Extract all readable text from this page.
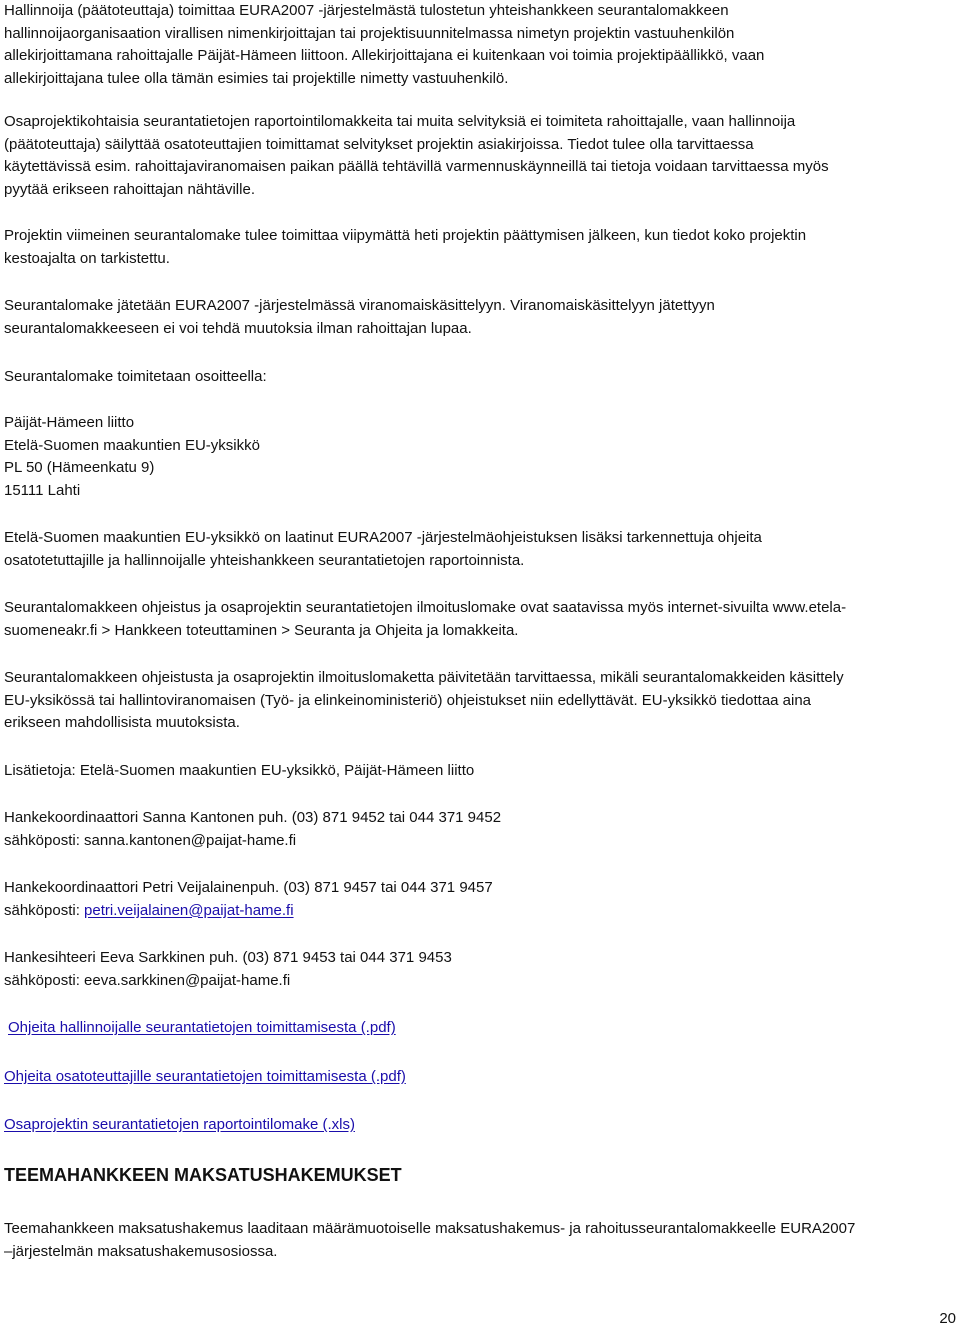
Hallinnoija (päätoteuttaja) toimittaa EURA2007 -järjestelmästä tulostetun yhteishankkeen seurantalomakkeen
hallinnoijaorganisaation virallisen nimenkirjoittajan tai projektisuunnitelmassa nimetyn projektin vastuuhenkilön
allekirjoittamana rahoittajalle Päijät-Hämeen liittoon. Allekirjoittajana ei kuitenkaan voi toimia projektipäällikkö, vaan
allekirjoittajana tulee olla tämän esimies tai projektille nimetty vastuuhenkilö.
Osaprojektikohtaisia seurantatietojen raportointilomakkeita tai muita selvityksiä ei toimiteta rahoittajalle, vaan hallinnoija
(päätoteuttaja) säilyttää osatoteuttajien toimittamat selvitykset projektin asiakirjoissa. Tiedot tulee olla tarvittaessa
käytettävissä esim. rahoittajaviranomaisen paikan päällä tehtävillä varmennuskäynneillä tai tietoja voidaan tarvittaessa myös
pyytää erikseen rahoittajan nähtäville.
Projektin viimeinen seurantalomake tulee toimittaa viipymättä heti projektin päättymisen jälkeen, kun tiedot koko projektin
kestoajalta on tarkistettu.
Seurantalomake jätetään EURA2007 -järjestelmässä viranomaiskäsittelyyn. Viranomaiskäsittelyyn jätettyyn
seurantalomakkeeseen ei voi tehdä muutoksia ilman rahoittajan lupaa.
Seurantalomake toimitetaan osoitteella:
Päijät-Hämeen liitto
Etelä-Suomen maakuntien EU-yksikkö
PL 50 (Hämeenkatu 9)
15111 Lahti
Etelä-Suomen maakuntien EU-yksikkö on laatinut EURA2007 -järjestelmäohjeistuksen lisäksi tarkennettuja ohjeita
osatotetuttajille ja hallinnoijalle yhteishankkeen seurantatietojen raportoinnista.
Seurantalomakkeen ohjeistus ja osaprojektin seurantatietojen ilmoituslomake ovat saatavissa myös internet-sivuilta www.etela-
suomeneakr.fi > Hankkeen toteuttaminen > Seuranta ja Ohjeita ja lomakkeita.
Seurantalomakkeen ohjeistusta ja osaprojektin ilmoituslomaketta päivitetään tarvittaessa, mikäli seurantalomakkeiden käsittely
EU-yksikössä tai hallintoviranomaisen (Työ- ja elinkeinoministeriö) ohjeistukset niin edellyttävät. EU-yksikkö tiedottaa aina
erikseen mahdollisista muutoksista.
Lisätietoja: Etelä-Suomen maakuntien EU-yksikkö, Päijät-Hämeen liitto
Hankekoordinaattori Sanna Kantonen puh. (03) 871 9452 tai 044 371 9452
sähköposti: sanna.kantonen@paijat-hame.fi
Hankekoordinaattori Petri Veijalainenpuh. (03) 871 9457 tai 044 371 9457
sähköposti: petri.veijalainen@paijat-hame.fi
Hankesihteeri Eeva Sarkkinen puh. (03) 871 9453 tai 044 371 9453
sähköposti: eeva.sarkkinen@paijat-hame.fi
Ohjeita hallinnoijalle seurantatietojen toimittamisesta (.pdf)
Ohjeita osatoteuttajille seurantatietojen toimittamisesta (.pdf)
Osaprojektin seurantatietojen raportointilomake (.xls)
TEEMAHANKKEEN MAKSATUSHAKEMUKSET
Teemahankkeen maksatushakemus laaditaan määrämuotoiselle maksatushakemus- ja rahoitusseurantalomakkeelle EURA2007
–järjestelmän maksatushakemusosiossa.
20
